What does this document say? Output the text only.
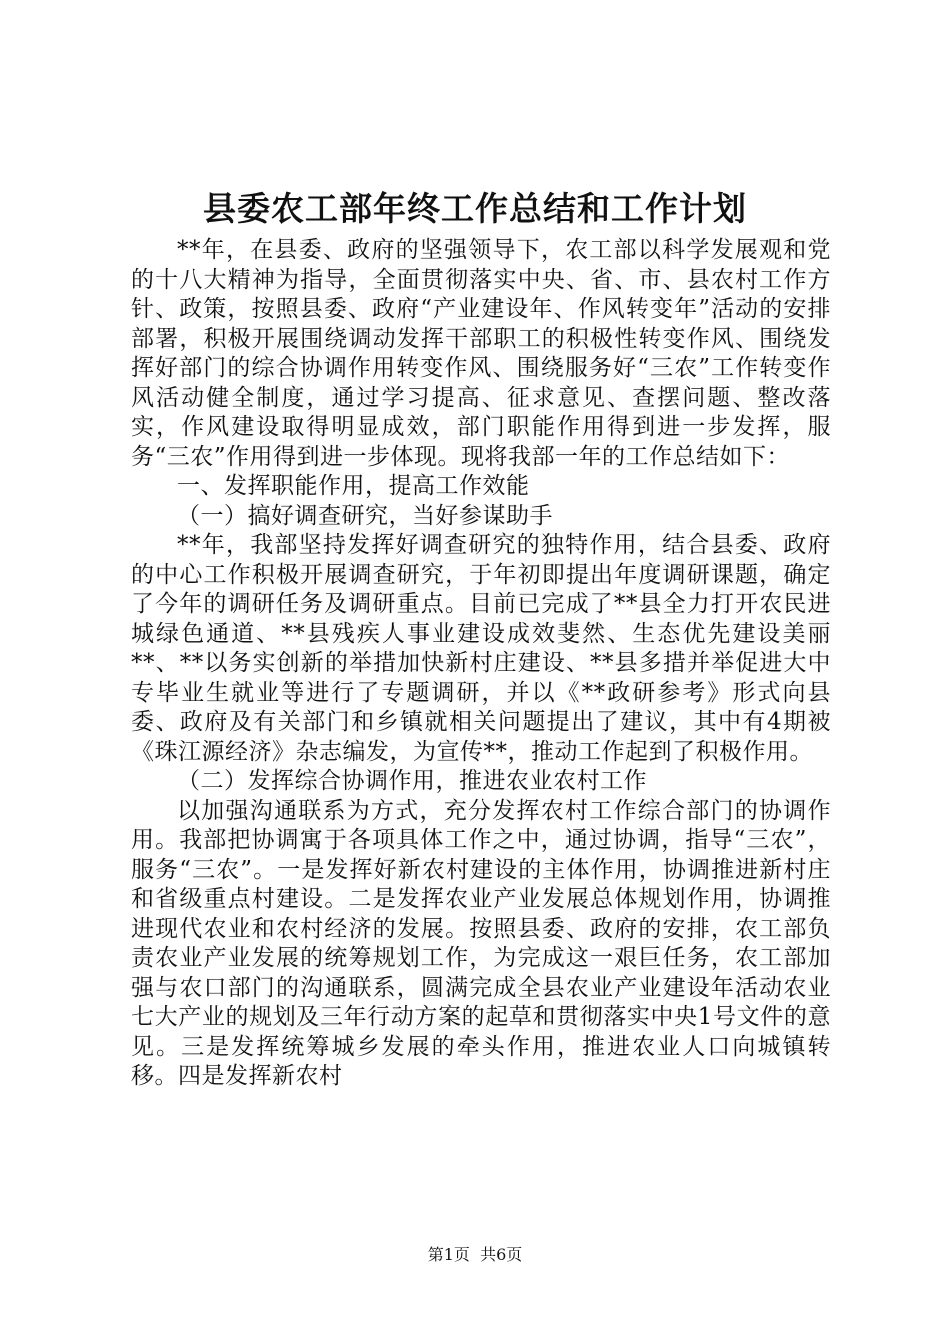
县委农工部年终工作总结和工作计划

**年，在县委、政府的坚强领导下，农工部以科学发展观和党的十八大精神为指导，全面贯彻落实中央、省、市、县农村工作方针、政策，按照县委、政府“产业建设年、作风转变年”活动的安排部署，积极开展围绕调动发挥干部职工的积极性转变作风、围绕发挥好部门的综合协调作用转变作风、围绕服务好“三农”工作转变作风活动健全制度，通过学习提高、征求意见、查摆问题、整改落实，作风建设取得明显成效，部门职能作用得到进一步发挥，服务“三农”作用得到进一步体现。现将我部一年的工作总结如下：

一、发挥职能作用，提高工作效能

（一）搞好调查研究，当好参谋助手

**年，我部坚持发挥好调查研究的独特作用，结合县委、政府的中心工作积极开展调查研究，于年初即提出年度调研课题，确定了今年的调研任务及调研重点。目前已完成了**县全力打开农民进城绿色通道、**县残疾人事业建设成效斐然、生态优先建设美丽**、**以务实创新的举措加快新村庄建设、**县多措并举促进大中专毕业生就业等进行了专题调研，并以《**政研参考》形式向县委、政府及有关部门和乡镇就相关问题提出了建议，其中有4期被《珠江源经济》杂志编发，为宣传**，推动工作起到了积极作用。

（二）发挥综合协调作用，推进农业农村工作

以加强沟通联系为方式，充分发挥农村工作综合部门的协调作用。我部把协调寓于各项具体工作之中，通过协调，指导“三农”，服务“三农”。一是发挥好新农村建设的主体作用，协调推进新村庄和省级重点村建设。二是发挥农业产业发展总体规划作用，协调推进现代农业和农村经济的发展。按照县委、政府的安排，农工部负责农业产业发展的统筹规划工作，为完成这一艰巨任务，农工部加强与农口部门的沟通联系，圆满完成全县农业产业建设年活动农业七大产业的规划及三年行动方案的起草和贯彻落实中央1号文件的意见。三是发挥统筹城乡发展的牵头作用，推进农业人口向城镇转移。四是发挥新农村

第1页 共6页
